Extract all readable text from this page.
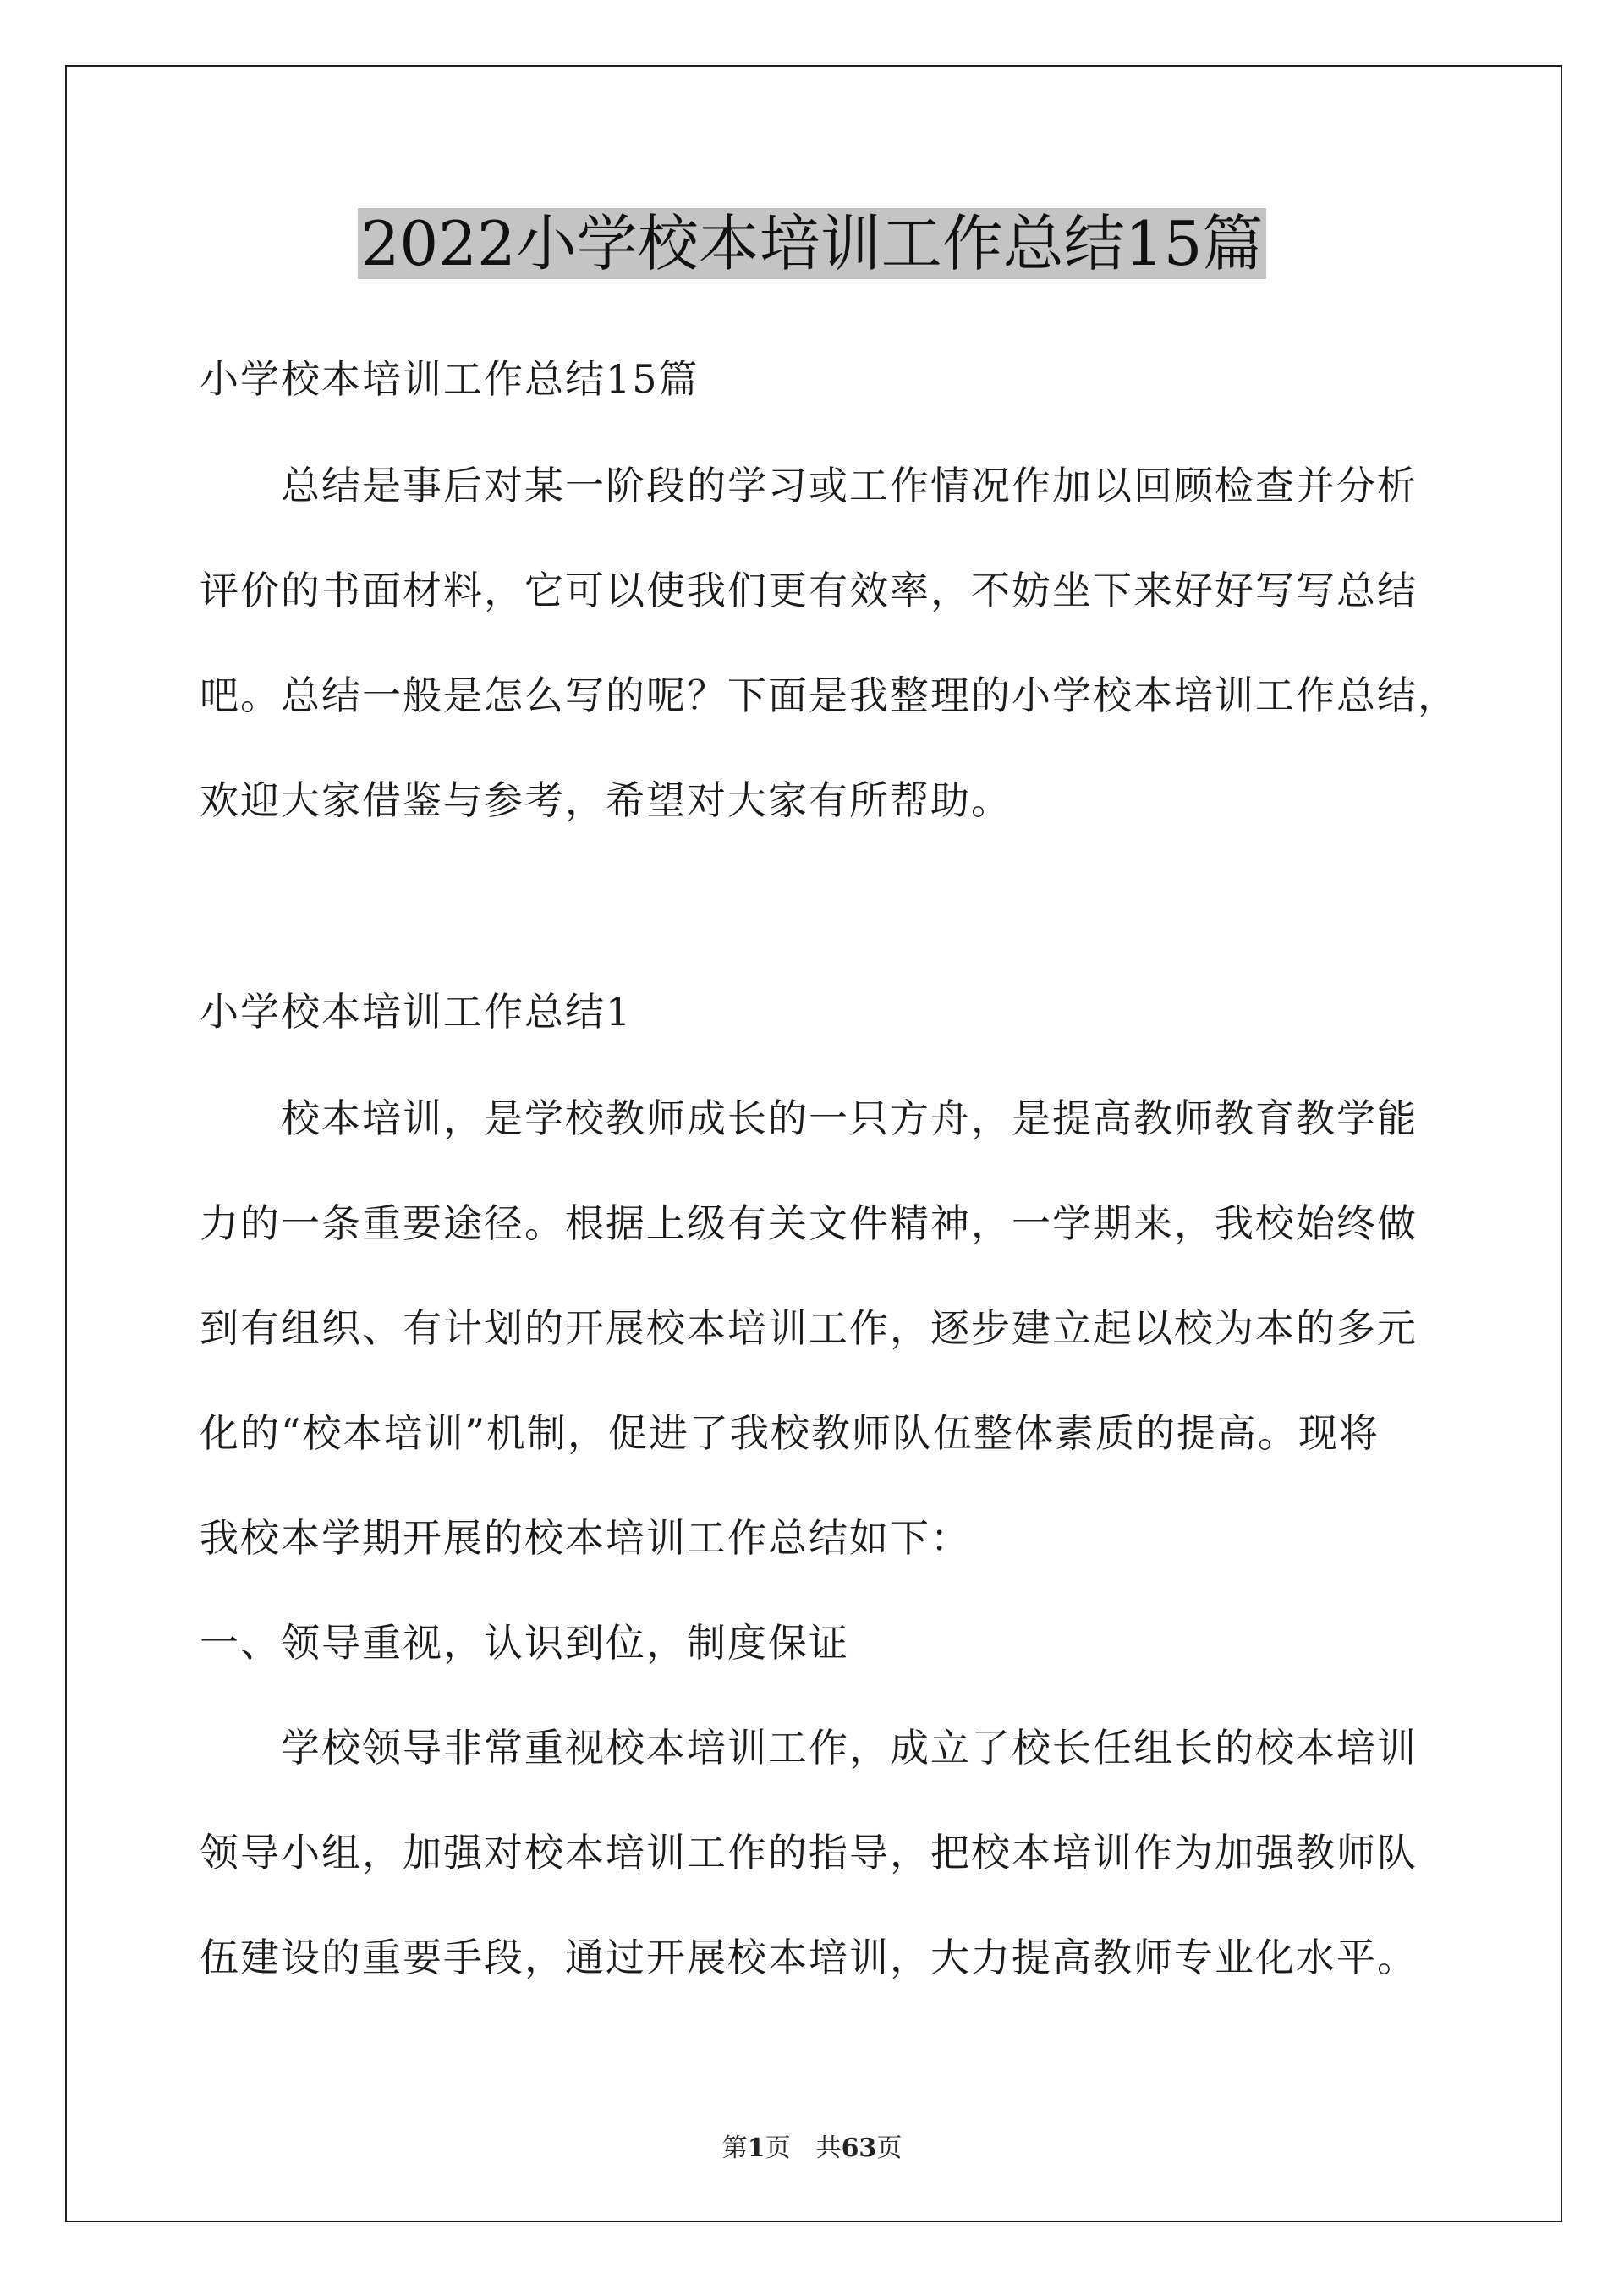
2022小学校本培训工作总结15篇
小学校本培训工作总结15篇
总结是事后对某一阶段的学习或工作情况作加以回顾检查并分析
评价的书面材料，它可以使我们更有效率，不妨坐下来好好写写总结
吧。总结一般是怎么写的呢？下面是我整理的小学校本培训工作总结，
欢迎大家借鉴与参考，希望对大家有所帮助。
小学校本培训工作总结1
校本培训，是学校教师成长的一只方舟，是提高教师教育教学能
力的一条重要途径。根据上级有关文件精神，一学期来，我校始终做
到有组织、有计划的开展校本培训工作，逐步建立起以校为本的多元
化的“校本培训”机制，促进了我校教师队伍整体素质的提高。现将
我校本学期开展的校本培训工作总结如下：
一、领导重视，认识到位，制度保证
学校领导非常重视校本培训工作，成立了校长任组长的校本培训
领导小组，加强对校本培训工作的指导，把校本培训作为加强教师队
伍建设的重要手段，通过开展校本培训，大力提高教师专业化水平。
第1页　共63页
